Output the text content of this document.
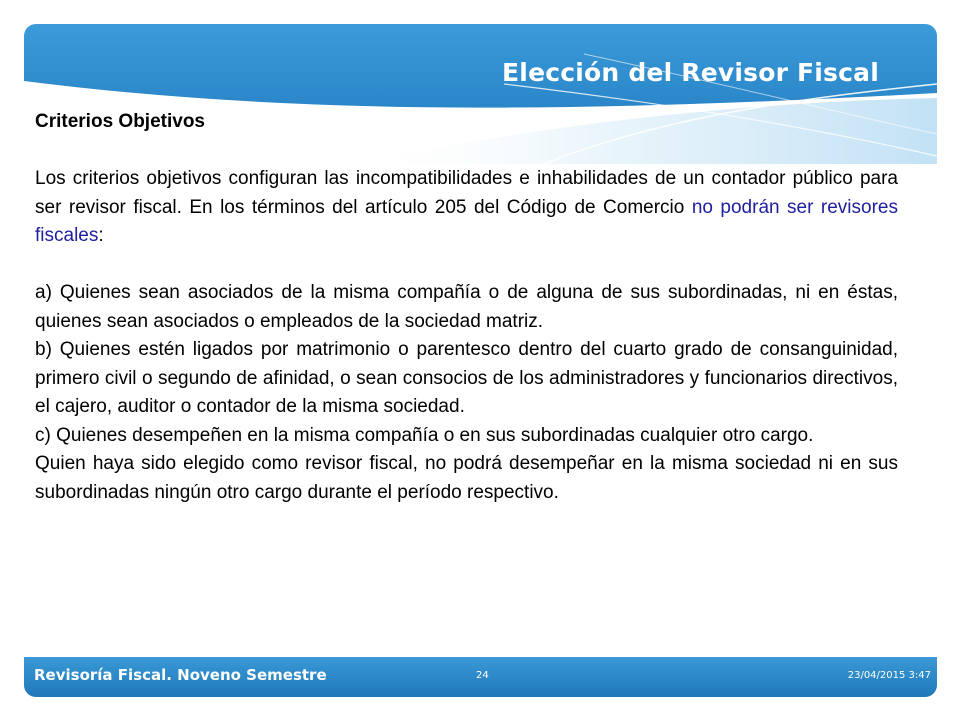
Elección del Revisor Fiscal

Criterios Objetivos

Los criterios objetivos configuran las incompatibilidades e inhabilidades de un contador público para ser revisor fiscal. En los términos del artículo 205 del Código de Comercio no podrán ser revisores fiscales:

a) Quienes sean asociados de la misma compañía o de alguna de sus subordinadas, ni en éstas, quienes sean asociados o empleados de la sociedad matriz.

b) Quienes estén ligados por matrimonio o parentesco dentro del cuarto grado de consanguinidad, primero civil o segundo de afinidad, o sean consocios de los administradores y funcionarios directivos, el cajero, auditor o contador de la misma sociedad.

c) Quienes desempeñen en la misma compañía o en sus subordinadas cualquier otro cargo.

Quien haya sido elegido como revisor fiscal, no podrá desempeñar en la misma sociedad ni en sus subordinadas ningún otro cargo durante el período respectivo.

Revisoría Fiscal. Noveno Semestre	24	23/04/2015 3:47
